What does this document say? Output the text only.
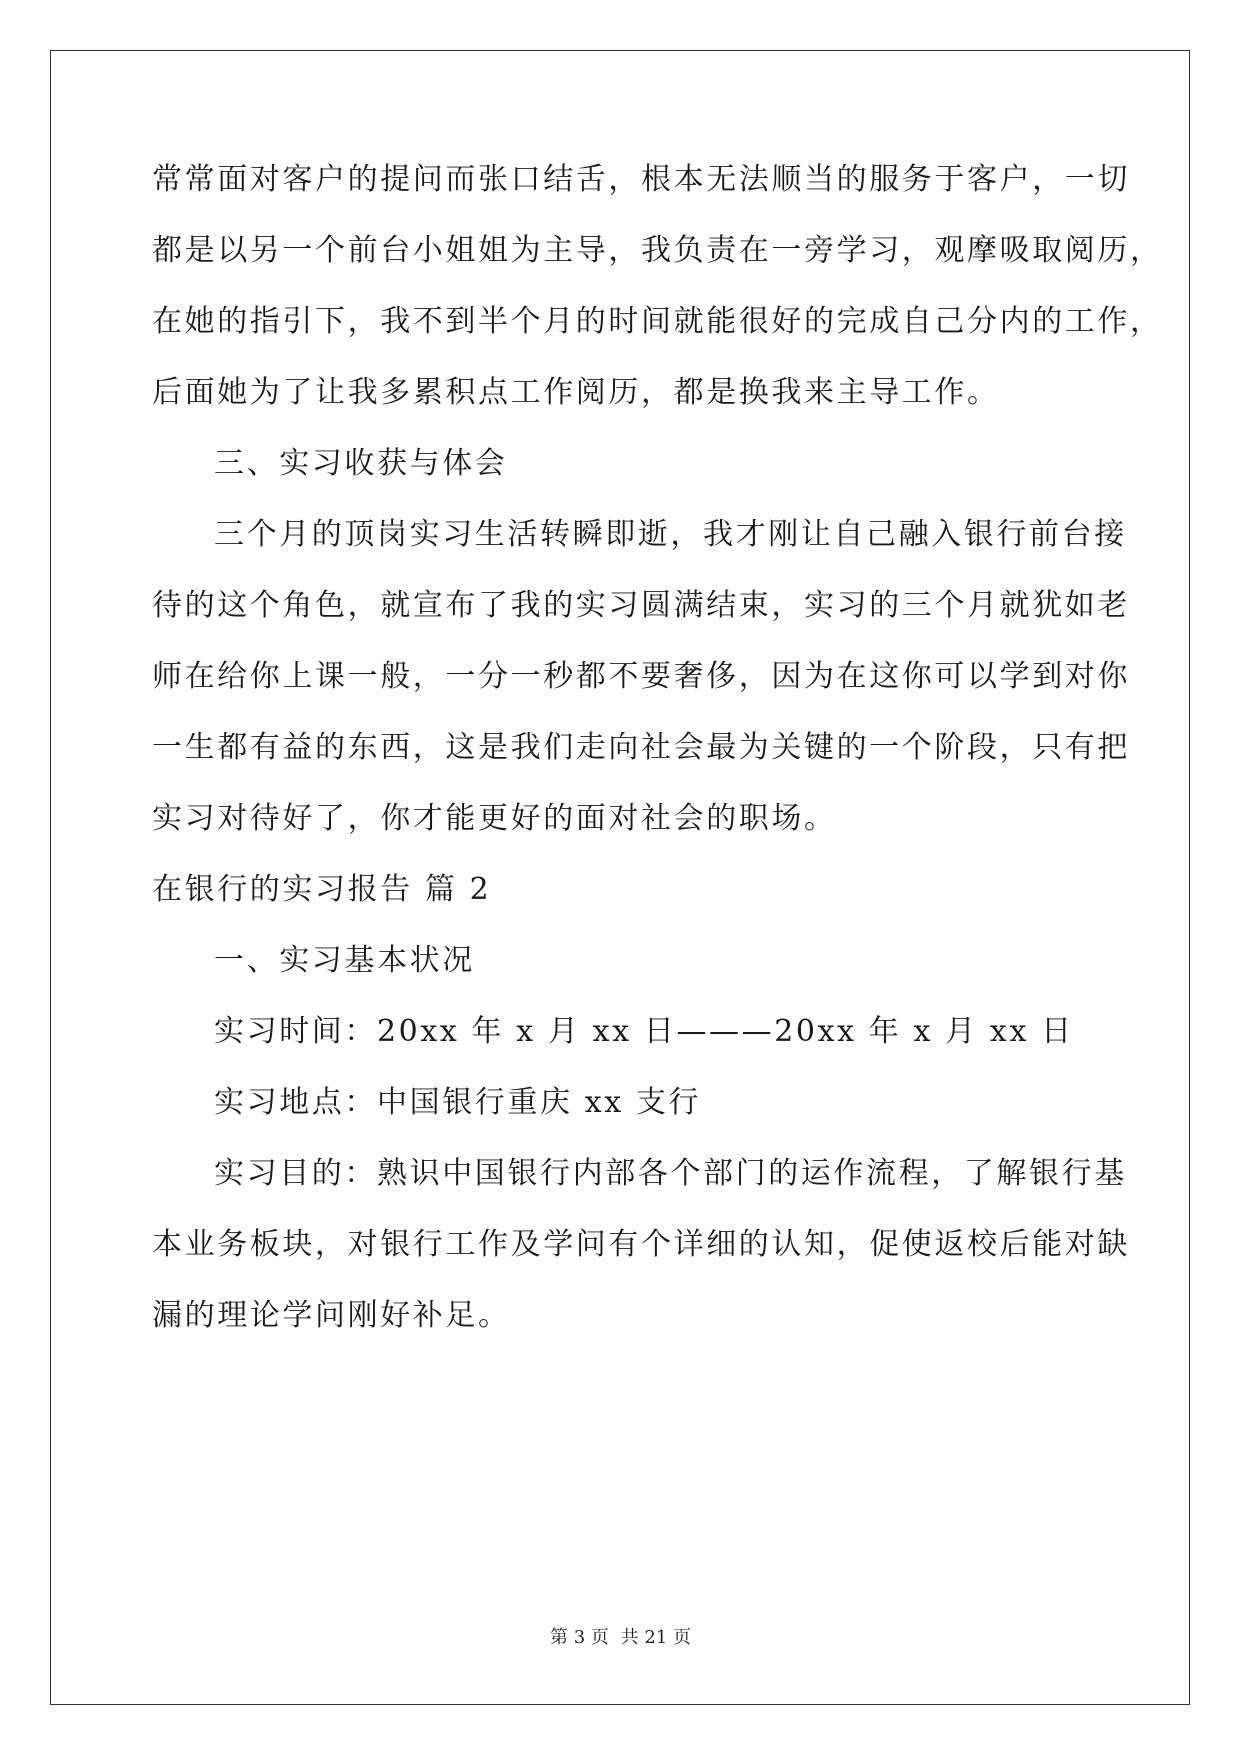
常常面对客户的提问而张口结舌，根本无法顺当的服务于客户，一切
都是以另一个前台小姐姐为主导，我负责在一旁学习，观摩吸取阅历，
在她的指引下，我不到半个月的时间就能很好的完成自己分内的工作，
后面她为了让我多累积点工作阅历，都是换我来主导工作。
三、实习收获与体会
三个月的顶岗实习生活转瞬即逝，我才刚让自己融入银行前台接
待的这个角色，就宣布了我的实习圆满结束，实习的三个月就犹如老
师在给你上课一般，一分一秒都不要奢侈，因为在这你可以学到对你
一生都有益的东西，这是我们走向社会最为关键的一个阶段，只有把
实习对待好了，你才能更好的面对社会的职场。
在银行的实习报告 篇 2
一、实习基本状况
实习时间：20xx 年 x 月 xx 日———20xx 年 x 月 xx 日
实习地点：中国银行重庆 xx 支行
实习目的：熟识中国银行内部各个部门的运作流程，了解银行基
本业务板块，对银行工作及学问有个详细的认知，促使返校后能对缺
漏的理论学问刚好补足。
第 3 页 共 21 页
